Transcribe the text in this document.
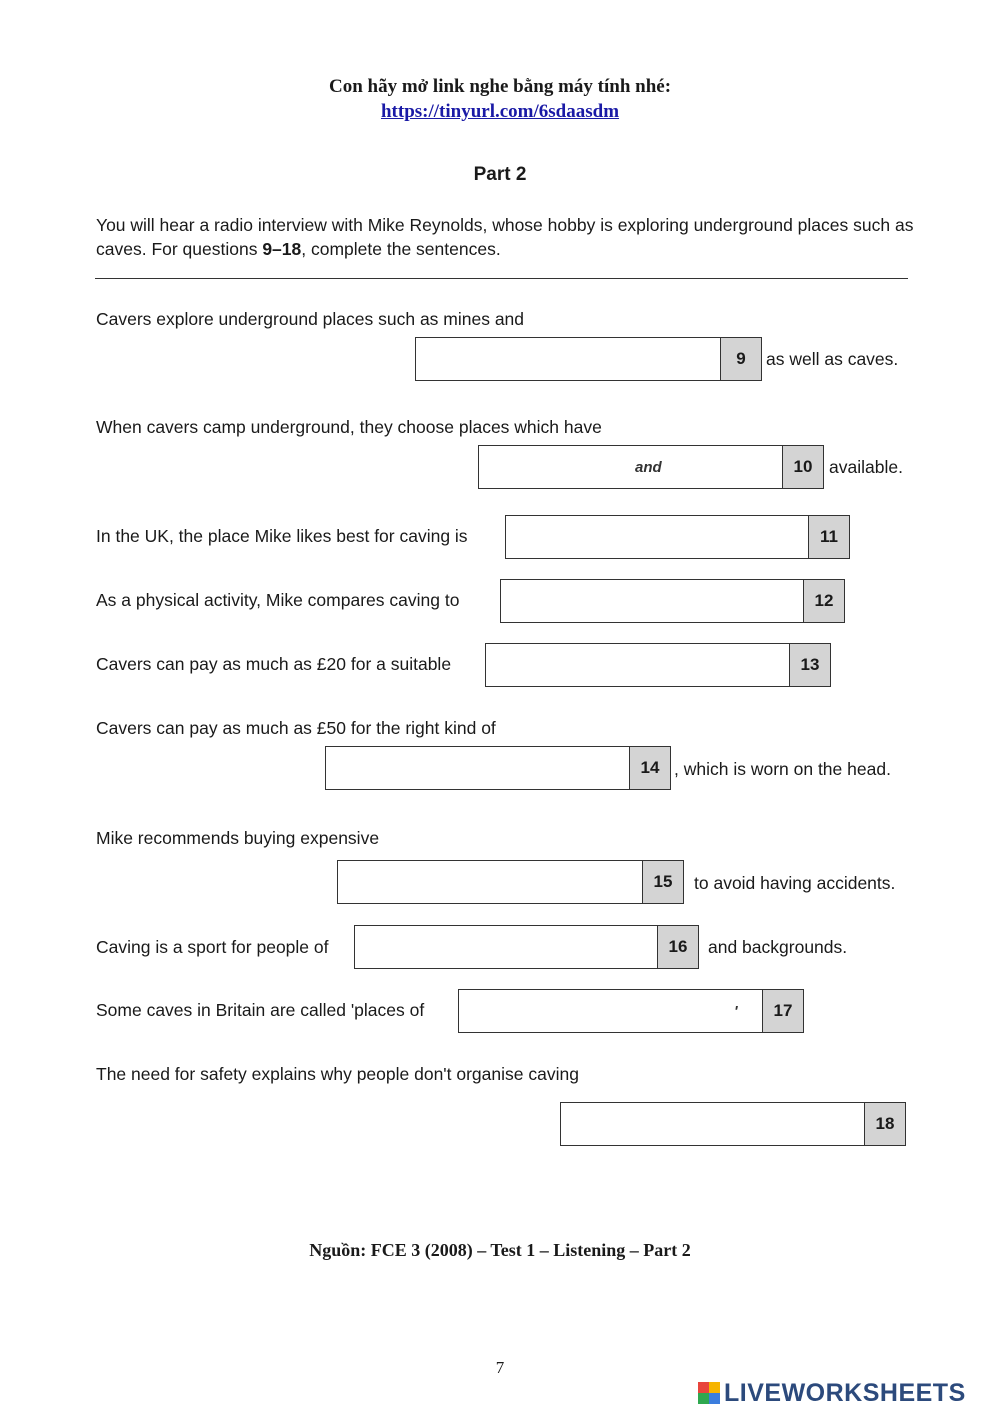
Con hãy mở link nghe bằng máy tính nhé:
https://tinyurl.com/6sdaasdm
Part 2
You will hear a radio interview with Mike Reynolds, whose hobby is exploring underground places such as caves. For questions 9–18, complete the sentences.
Cavers explore underground places such as mines and
9	as well as caves.
When cavers camp underground, they choose places which have
and	10 available.
In the UK, the place Mike likes best for caving is	11
As a physical activity, Mike compares caving to	12
Cavers can pay as much as £20 for a suitable	13
Cavers can pay as much as £50 for the right kind of
14 , which is worn on the head.
Mike recommends buying expensive
15	to avoid having accidents.
Caving is a sport for people of	16	and backgrounds.
Some caves in Britain are called 'places of	'	17
The need for safety explains why people don't organise caving
18
Nguồn: FCE 3 (2008) – Test 1 – Listening – Part 2
7
LIVEWORKSHEETS
